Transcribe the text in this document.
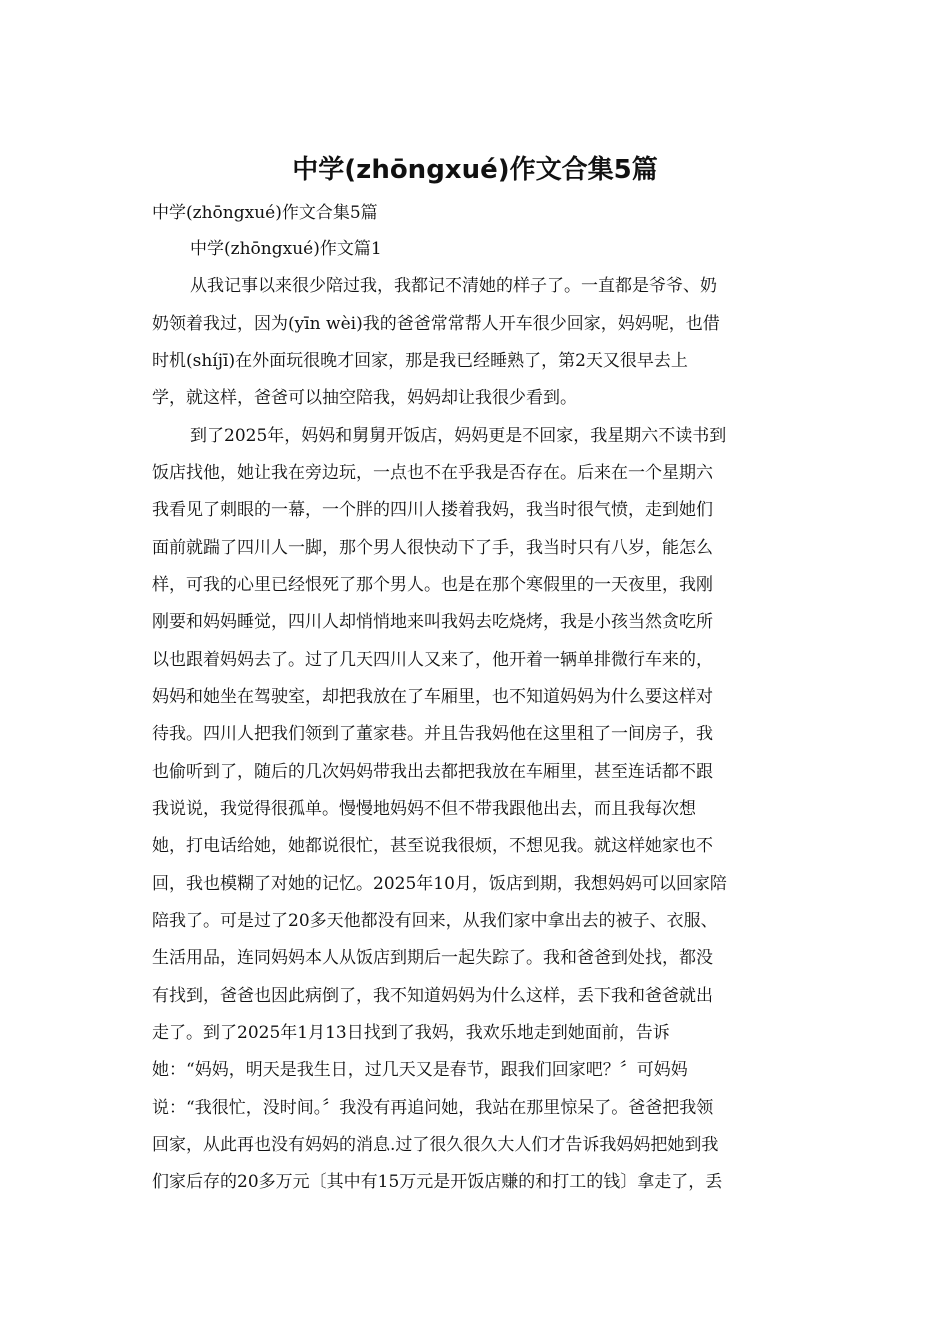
中学(zhōngxué)作文合集5篇

中学(zhōngxué)作文合集5篇

中学(zhōngxué)作文篇1

从我记事以来很少陪过我，我都记不清她的样子了。一直都是爷爷、奶

奶领着我过，因为(yīn wèi)我的爸爸常常帮人开车很少回家，妈妈呢，也借

时机(shíjī)在外面玩很晚才回家，那是我已经睡熟了，第2天又很早去上

学，就这样，爸爸可以抽空陪我，妈妈却让我很少看到。

到了2025年，妈妈和舅舅开饭店，妈妈更是不回家，我星期六不读书到

饭店找他，她让我在旁边玩，一点也不在乎我是否存在。后来在一个星期六

我看见了刺眼的一幕，一个胖的四川人搂着我妈，我当时很气愤，走到她们

面前就踹了四川人一脚，那个男人很快动下了手，我当时只有八岁，能怎么

样，可我的心里已经恨死了那个男人。也是在那个寒假里的一天夜里，我刚

刚要和妈妈睡觉，四川人却悄悄地来叫我妈去吃烧烤，我是小孩当然贪吃所

以也跟着妈妈去了。过了几天四川人又来了，他开着一辆单排微行车来的，

妈妈和她坐在驾驶室，却把我放在了车厢里，也不知道妈妈为什么要这样对

待我。四川人把我们领到了董家巷。并且告我妈他在这里租了一间房子，我

也偷听到了，随后的几次妈妈带我出去都把我放在车厢里，甚至连话都不跟

我说说，我觉得很孤单。慢慢地妈妈不但不带我跟他出去，而且我每次想

她，打电话给她，她都说很忙，甚至说我很烦，不想见我。就这样她家也不

回，我也模糊了对她的记忆。2025年10月，饭店到期，我想妈妈可以回家陪

陪我了。可是过了20多天他都没有回来，从我们家中拿出去的被子、衣服、

生活用品，连同妈妈本人从饭店到期后一起失踪了。我和爸爸到处找，都没

有找到，爸爸也因此病倒了，我不知道妈妈为什么这样，丢下我和爸爸就出

走了。到了2025年1月13日找到了我妈，我欢乐地走到她面前，告诉

她：“妈妈，明天是我生日，过几天又是春节，跟我们回家吧？〞可妈妈

说：“我很忙，没时间。〞我没有再追问她，我站在那里惊呆了。爸爸把我领

回家，从此再也没有妈妈的消息.过了很久很久大人们才告诉我妈妈把她到我

们家后存的20多万元〔其中有15万元是开饭店赚的和打工的钱〕拿走了，丢
